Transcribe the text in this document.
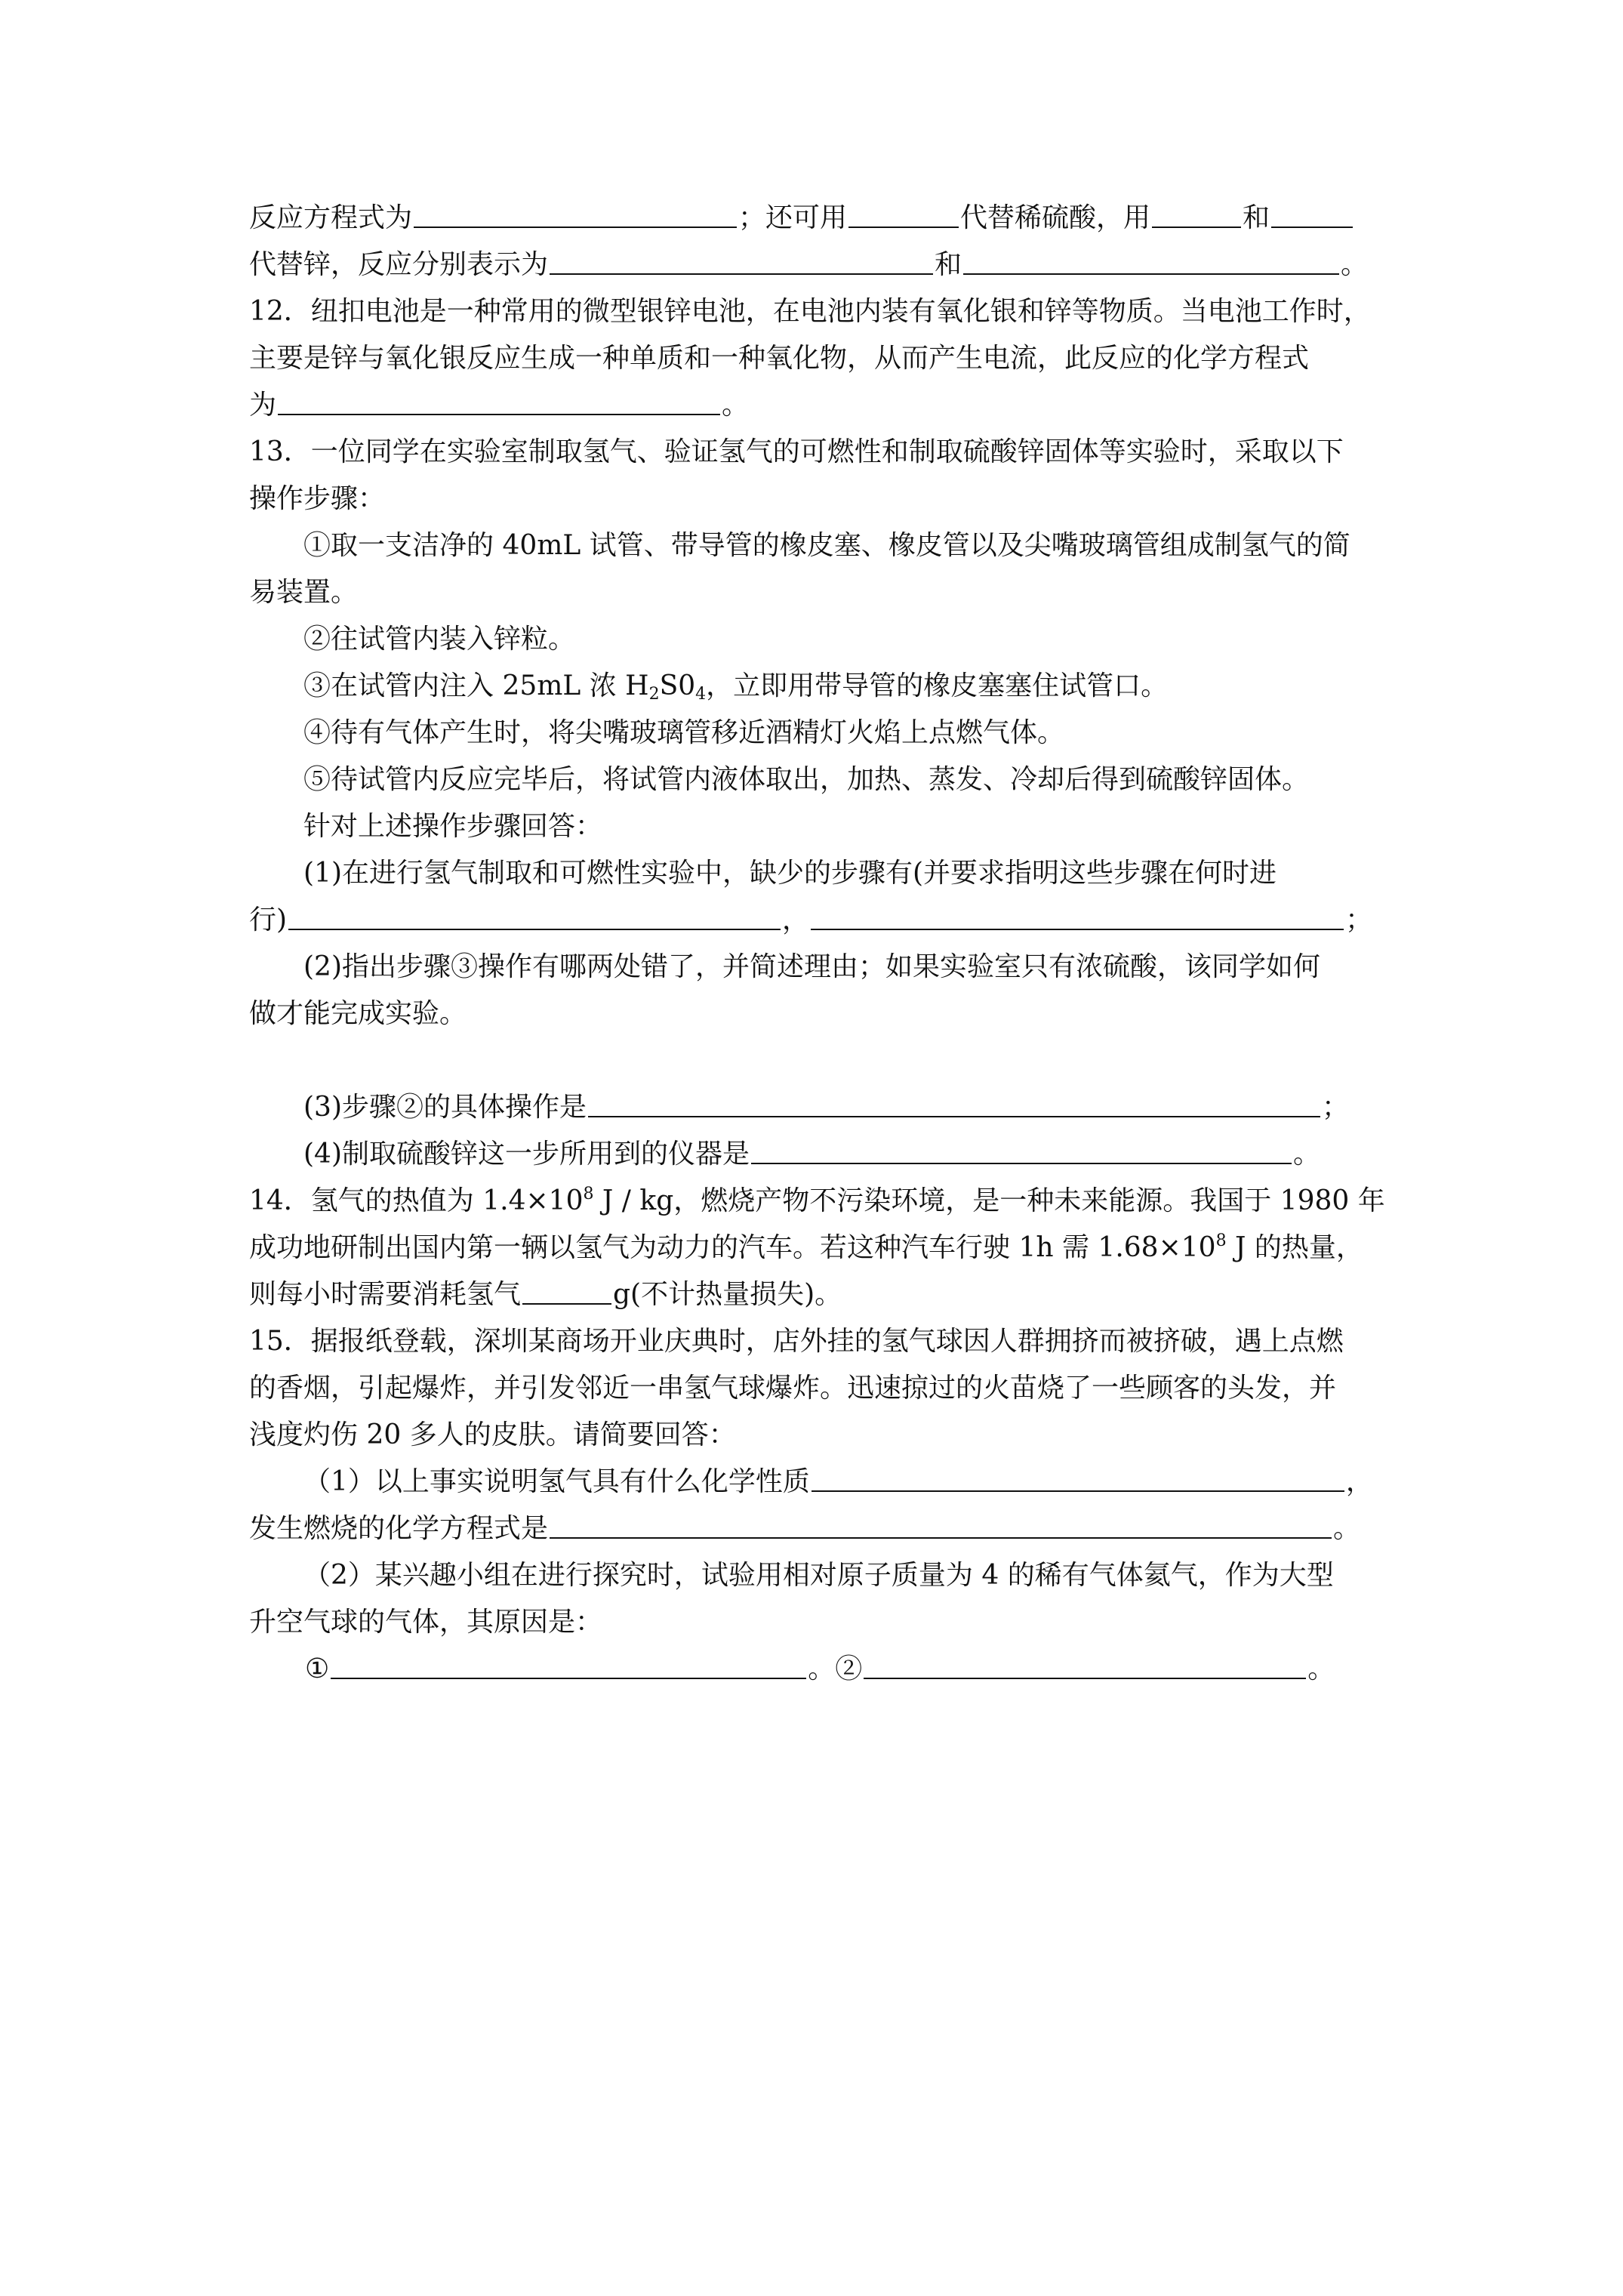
反应方程式为	；还可用	代替稀硫酸，用	和
代替锌，反应分别表示为	和	。
12．纽扣电池是一种常用的微型银锌电池，在电池内装有氧化银和锌等物质。当电池工作时，
主要是锌与氧化银反应生成一种单质和一种氧化物，从而产生电流，此反应的化学方程式
为	。
13．一位同学在实验室制取氢气、验证氢气的可燃性和制取硫酸锌固体等实验时，采取以下
操作步骤：
①取一支洁净的 40mL 试管、带导管的橡皮塞、橡皮管以及尖嘴玻璃管组成制氢气的简
易装置。
②往试管内装入锌粒。
③在试管内注入 25mL 浓 $H_2S0_4$，立即用带导管的橡皮塞塞住试管口。
④待有气体产生时，将尖嘴玻璃管移近酒精灯火焰上点燃气体。
⑤待试管内反应完毕后，将试管内液体取出，加热、蒸发、冷却后得到硫酸锌固体。
针对上述操作步骤回答：
(1)在进行氢气制取和可燃性实验中，缺少的步骤有(并要求指明这些步骤在何时进
行)	，	；
(2)指出步骤③操作有哪两处错了，并简述理由；如果实验室只有浓硫酸，该同学如何
做才能完成实验。
(3)步骤②的具体操作是	；
(4)制取硫酸锌这一步所用到的仪器是	。
14．氢气的热值为 $1.4\times 10^8$ J / kg，燃烧产物不污染环境，是一种未来能源。我国于 1980 年
成功地研制出国内第一辆以氢气为动力的汽车。若这种汽车行驶 1h 需 $1.68\times 10^8$ J 的热量，
则每小时需要消耗氢气	g(不计热量损失)。
15．据报纸登载，深圳某商场开业庆典时，店外挂的氢气球因人群拥挤而被挤破，遇上点燃
的香烟，引起爆炸，并引发邻近一串氢气球爆炸。迅速掠过的火苗烧了一些顾客的头发，并
浅度灼伤 20 多人的皮肤。请简要回答：
（1）以上事实说明氢气具有什么化学性质	，
发生燃烧的化学方程式是	。
（2）某兴趣小组在进行探究时，试验用相对原子质量为 4 的稀有气体氦气，作为大型
升空气球的气体，其原因是：
①	。②	。
